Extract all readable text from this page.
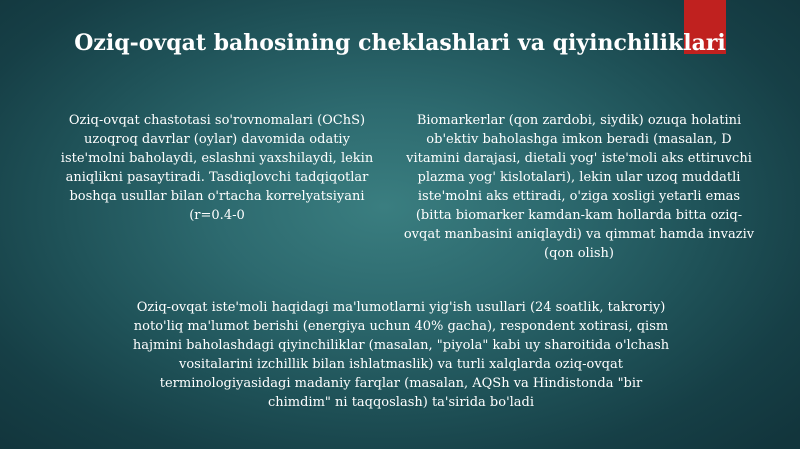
Oziq-ovqat bahosining cheklashlari va qiyinchiliklari
Oziq-ovqat chastotasi so'rovnomalari (OChS) uzoqroq davrlar (oylar) davomida odatiy iste'molni baholaydi, eslashni yaxshilaydi, lekin aniqlikni pasaytiradi. Tasdiqlovchi tadqiqotlar boshqa usullar bilan o'rtacha korrelyatsiyani (r=0.4-0
Biomarkerlar (qon zardobi, siydik) ozuqa holatini ob'ektiv baholashga imkon beradi (masalan, D vitamini darajasi, dietali yog' iste'moli aks ettiruvchi plazma yog' kislotalari), lekin ular uzoq muddatli iste'molni aks ettiradi, o'ziga xosligi yetarli emas (bitta biomarker kamdan-kam hollarda bitta oziq-ovqat manbasini aniqlaydi) va qimmat hamda invaziv (qon olish)
Oziq-ovqat iste'moli haqidagi ma'lumotlarni yig'ish usullari (24 soatlik, takroriy) noto'liq ma'lumot berishi (energiya uchun 40% gacha), respondent xotirasi, qism hajmini baholashdagi qiyinchiliklar (masalan, "piyola" kabi uy sharoitida o'lchash vositalarini izchillik bilan ishlatmaslik) va turli xalqlarda oziq-ovqat terminologiyasidagi madaniy farqlar (masalan, AQSh va Hindistonda "bir chimdim" ni taqqoslash) ta'sirida bo'ladi
